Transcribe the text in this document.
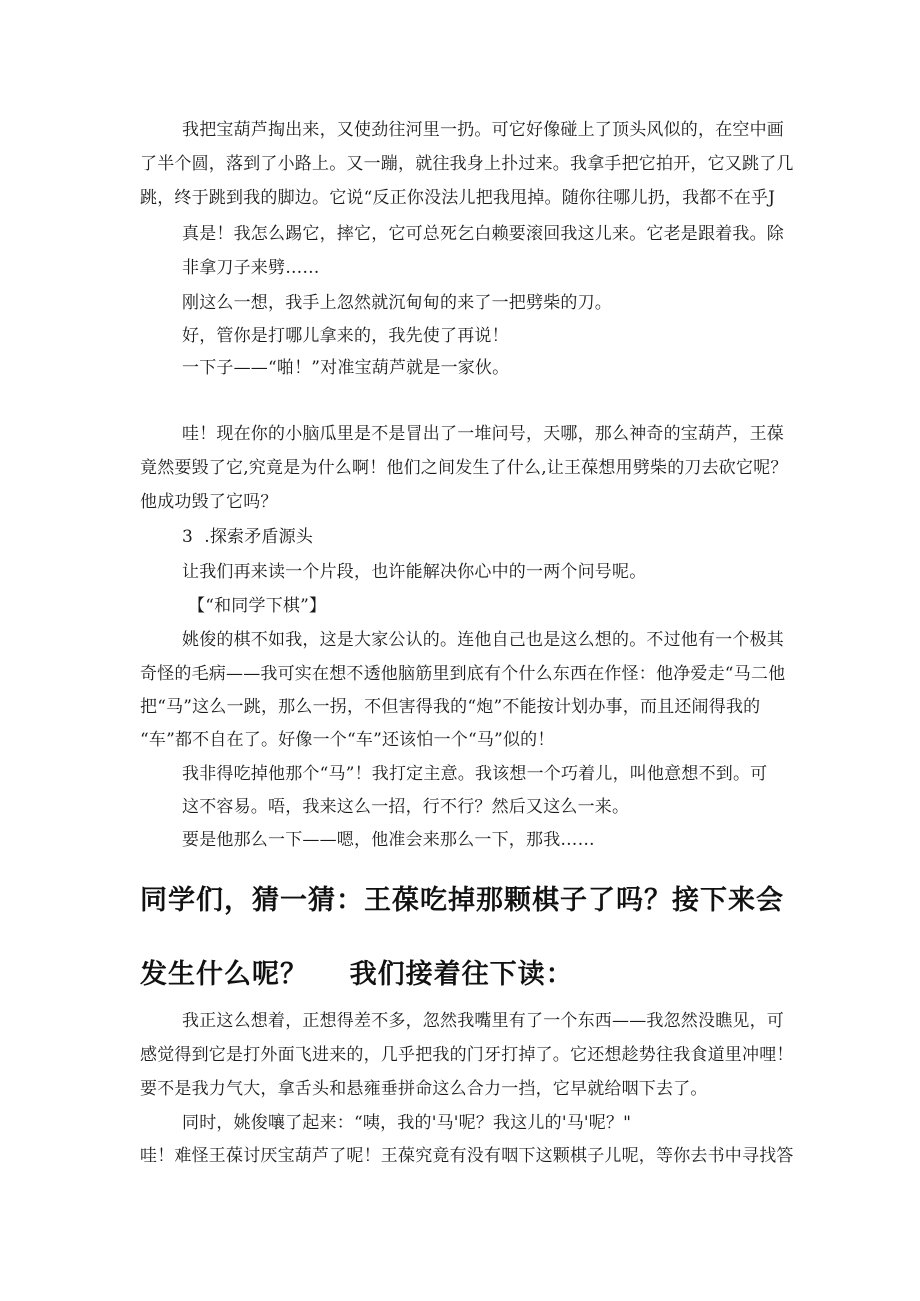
我把宝葫芦掏出来，又使劲往河里一扔。可它好像碰上了顶头风似的，在空中画
了半个圆，落到了小路上。又一蹦，就往我身上扑过来。我拿手把它拍开，它又跳了几
跳，终于跳到我的脚边。它说“反正你没法儿把我甩掉。随你往哪儿扔，我都不在乎J
真是！我怎么踢它，摔它，它可总死乞白赖要滚回我这儿来。它老是跟着我。除
非拿刀子来劈……
刚这么一想，我手上忽然就沉甸甸的来了一把劈柴的刀。
好，管你是打哪儿拿来的，我先使了再说！
一下子——“啪！”对准宝葫芦就是一家伙。
哇！现在你的小脑瓜里是不是冒出了一堆问号，天哪，那么神奇的宝葫芦，王葆
竟然要毁了它,究竟是为什么啊！他们之间发生了什么,让王葆想用劈柴的刀去砍它呢？
他成功毁了它吗？
3  .探索矛盾源头
让我们再来读一个片段，也许能解决你心中的一两个问号呢。
【“和同学下棋”】
姚俊的棋不如我，这是大家公认的。连他自己也是这么想的。不过他有一个极其
奇怪的毛病——我可实在想不透他脑筋里到底有个什么东西在作怪：他净爱走“马二他
把“马”这么一跳，那么一拐，不但害得我的“炮”不能按计划办事，而且还闹得我的
“车”都不自在了。好像一个“车”还该怕一个“马”似的！
我非得吃掉他那个“马”！我打定主意。我该想一个巧着儿，叫他意想不到。可
这不容易。唔，我来这么一招，行不行？然后又这么一来。
要是他那么一下——嗯，他准会来那么一下，那我……
同学们，猜一猜：王葆吃掉那颗棋子了吗？接下来会
发生什么呢？    我们接着往下读：
我正这么想着，正想得差不多，忽然我嘴里有了一个东西——我忽然没瞧见，可
感觉得到它是打外面飞进来的，几乎把我的门牙打掉了。它还想趁势往我食道里冲哩！
要不是我力气大，拿舌头和悬雍垂拼命这么合力一挡，它早就给咽下去了。
同时，姚俊嚷了起来：“咦，我的'马'呢？我这儿的'马'呢？"
哇！难怪王葆讨厌宝葫芦了呢！王葆究竟有没有咽下这颗棋子儿呢，等你去书中寻找答
